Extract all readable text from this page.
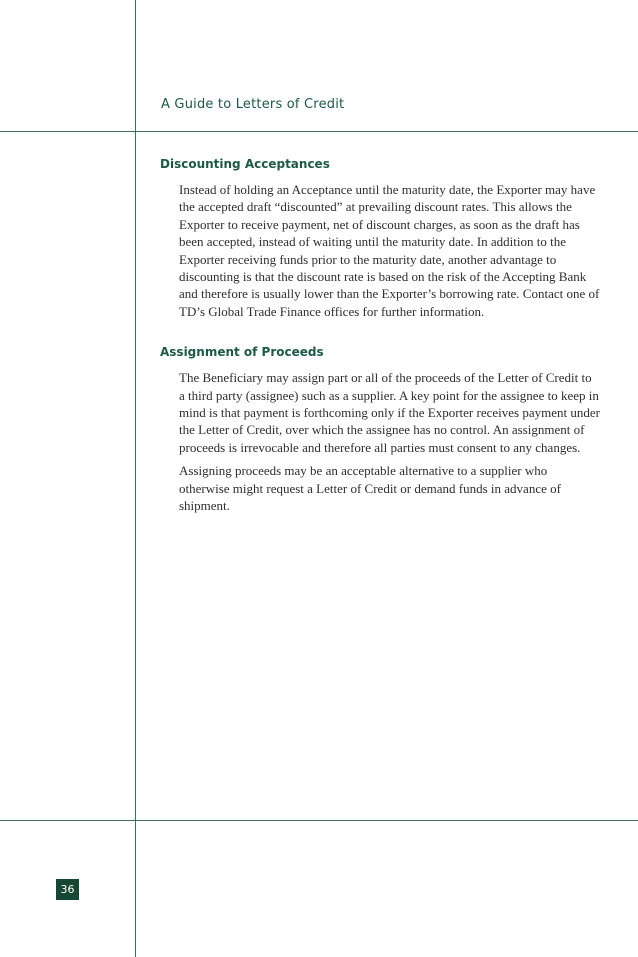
A Guide to Letters of Credit
Discounting Acceptances

Instead of holding an Acceptance until the maturity date, the Exporter may have the accepted draft “discounted” at prevailing discount rates. This allows the Exporter to receive payment, net of discount charges, as soon as the draft has been accepted, instead of waiting until the maturity date. In addition to the Exporter receiving funds prior to the maturity date, another advantage to discounting is that the discount rate is based on the risk of the Accepting Bank and therefore is usually lower than the Exporter’s borrowing rate. Contact one of TD’s Global Trade Finance offices for further information.

Assignment of Proceeds

The Beneficiary may assign part or all of the proceeds of the Letter of Credit to a third party (assignee) such as a supplier. A key point for the assignee to keep in mind is that payment is forthcoming only if the Exporter receives payment under the Letter of Credit, over which the assignee has no control. An assignment of proceeds is irrevocable and therefore all parties must consent to any changes.

Assigning proceeds may be an acceptable alternative to a supplier who otherwise might request a Letter of Credit or demand funds in advance of shipment.

36
